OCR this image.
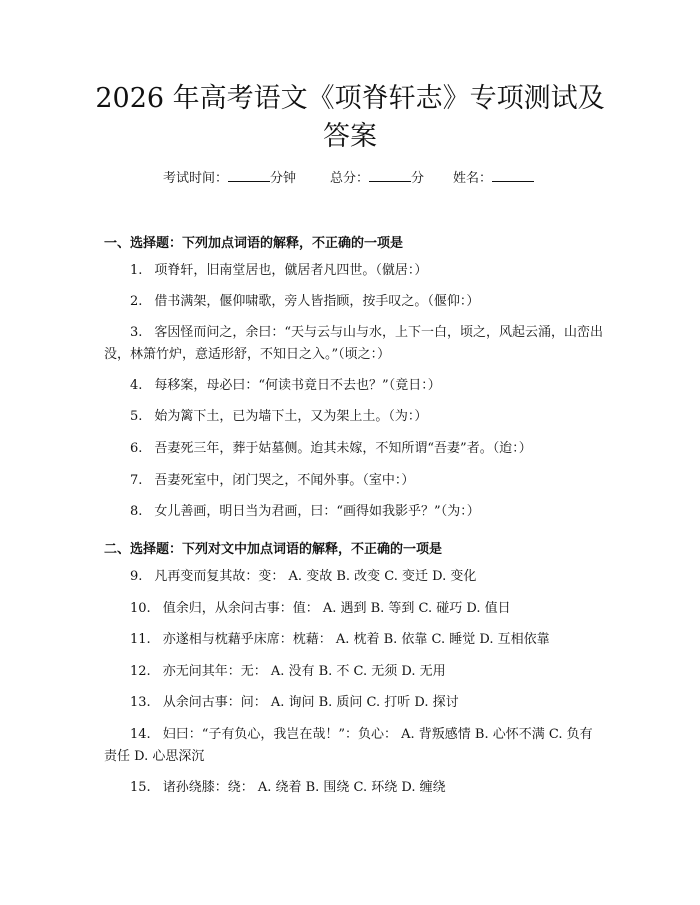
2026 年高考语文《项脊轩志》专项测试及答案
考试时间：	分钟	总分：	分 姓名：
一、选择题：下列加点词语的解释，不正确的一项是
1. 项脊轩，旧南堂居也，僦居者凡四世。（僦居：）
2. 借书满架，偃仰啸歌，旁人皆指顾，按手叹之。（偃仰：）
3. 客因怪而问之，余曰：“天与云与山与水，上下一白，顷之，风起云涌，山峦出没，林箫竹炉，意适形舒，不知日之入。”（顷之：）
4. 每移案，母必曰：“何读书竟日不去也？”（竟日：）
5. 始为篱下土，已为墙下土，又为架上土。（为：）
6. 吾妻死三年，葬于姑墓侧。迨其未嫁，不知所谓“吾妻”者。（迨：）
7. 吾妻死室中，闭门哭之，不闻外事。（室中：）
8. 女儿善画，明日当为君画，曰：“画得如我影乎？”（为：）
二、选择题：下列对文中加点词语的解释，不正确的一项是
9. 凡再变而复其故：变： A. 变故 B. 改变 C. 变迁 D. 变化
10. 值余归，从余问古事：值： A. 遇到 B. 等到 C. 碰巧 D. 值日
11. 亦遂相与枕藉乎床席：枕藉： A. 枕着 B. 依靠 C. 睡觉 D. 互相依靠
12. 亦无问其年：无： A. 没有 B. 不 C. 无须 D. 无用
13. 从余问古事：问： A. 询问 B. 质问 C. 打听 D. 探讨
14. 妇曰：“子有负心，我岂在哉！”：负心： A. 背叛感情 B. 心怀不满 C. 负有责任 D. 心思深沉
15. 诸孙绕膝：绕： A. 绕着 B. 围绕 C. 环绕 D. 缠绕
